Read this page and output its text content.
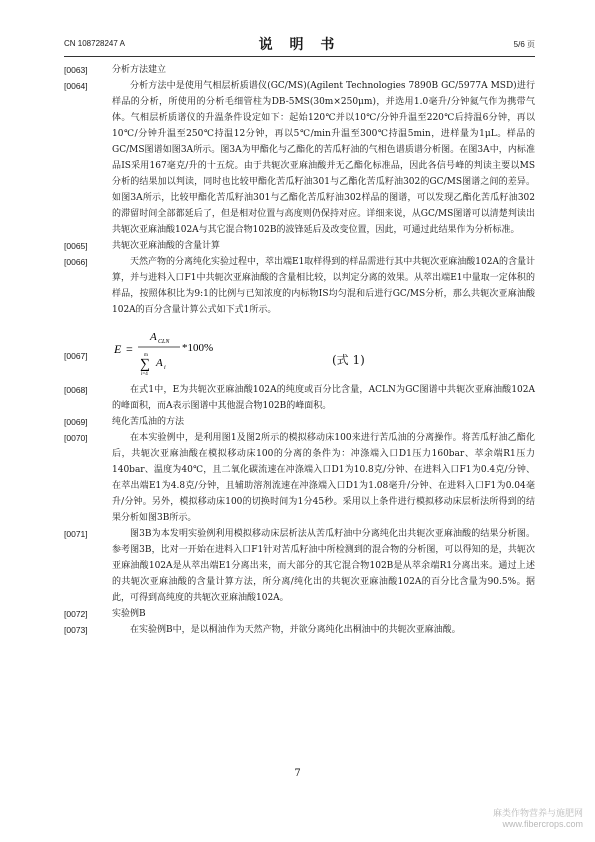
CN 108728247 A	说 明 书	5/6 页
[0063]	分析方法建立
[0064]	分析方法中是使用气相层析质谱仪(GC/MS)(Agilent Technologies 7890B GC/5977A MSD)进行样品的分析，所使用的分析毛细管柱为DB-5MS(30m×250μm)，并选用1.0毫升/分钟氦气作为携带气体。气相层析质谱仪的升温条件设定如下：起始120℃并以10℃/分钟升温至220℃后持温6分钟，再以10℃/分钟升温至250℃持温12分钟，再以5℃/min升温至300℃持温5min，进样量为1μL。样品的GC/MS图谱如图3A所示。图3A为甲酯化与乙酯化的苦瓜籽油的气相色谱质谱分析图。在图3A中，内标准品IS采用167毫克/升的十五烷。由于共轭次亚麻油酸并无乙酯化标准品，因此各信号峰的判读主要以MS分析的结果加以判读，同时也比较甲酯化苦瓜籽油301与乙酯化苦瓜籽油302的GC/MS图谱之间的差异。如图3A所示，比较甲酯化苦瓜籽油301与乙酯化苦瓜籽油302样品的图谱，可以发现乙酯化苦瓜籽油302的滞留时间全部都延后了，但是相对位置与高度则仍保持对应。详细来说，从GC/MS图谱可以清楚判读出共轭次亚麻油酸102A与其它混合物102B的波锋延后及改变位置，因此，可通过此结果作为分析标准。
[0065]	共轭次亚麻油酸的含量计算
[0066]	天然产物的分离纯化实验过程中，萃出端E1取样得到的样品需进行其中共轭次亚麻油酸102A的含量计算，并与进料入口F1中共轭次亚麻油酸的含量相比较，以判定分离的效果。从萃出端E1中量取一定体积的样品，按照体积比为9:1的比例与已知浓度的内标物IS均匀混和后进行GC/MS分析，那么共轭次亚麻油酸102A的百分含量计算公式如下式1所示。
[0067]	E =
A CLN
m
∑
i=4
A i
*100%
(式 1)
[0068]	在式1中，E为共轭次亚麻油酸102A的纯度或百分比含量，ACLN为GC图谱中共轭次亚麻油酸102A的峰面积，而A表示图谱中其他混合物102B的峰面积。
[0069]	纯化苦瓜油的方法
[0070]	在本实验例中，是利用图1及图2所示的模拟移动床100来进行苦瓜油的分离操作。将苦瓜籽油乙酯化后，共轭次亚麻油酸在模拟移动床100的分离的条件为：冲涤端入口D1压力160bar、萃余端R1压力140bar、温度为40℃，且二氧化碳流速在冲涤端入口D1为10.8克/分钟、在进料入口F1为0.4克/分钟、在萃出端E1为4.8克/分钟，且辅助溶剂流速在冲涤端入口D1为1.08毫升/分钟、在进料入口F1为0.04毫升/分钟。另外，模拟移动床100的切换时间为1分45秒。采用以上条件进行模拟移动床层析法所得到的结果分析如图3B所示。
[0071]	图3B为本发明实验例利用模拟移动床层析法从苦瓜籽油中分离纯化出共轭次亚麻油酸的结果分析图。参考图3B，比对一开始在进料入口F1针对苦瓜籽油中所检测到的混合物的分析图，可以得知的是，共轭次亚麻油酸102A是从萃出端E1分离出来，而大部分的其它混合物102B是从萃余端R1分离出来。通过上述的共轭次亚麻油酸的含量计算方法，所分离/纯化出的共轭次亚麻油酸102A的百分比含量为90.5%。据此，可得到高纯度的共轭次亚麻油酸102A。
[0072]	实验例B
[0073]	在实验例B中，是以桐油作为天然产物，并欲分离纯化出桐油中的共轭次亚麻油酸。
7
麻类作物营养与施肥网
www.fibercrops.com
